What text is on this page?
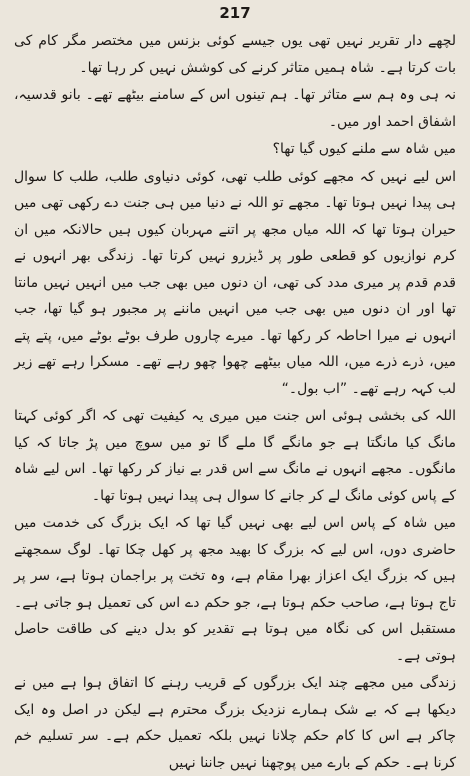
217

لچھے دار تقریر نہیں تھی یوں جیسے کوئی بزنس میں مختصر مگر کام کی بات کرتا ہے۔ شاہ ہمیں متاثر کرنے کی کوشش نہیں کر رہا تھا۔

نہ ہی وہ ہم سے متاثر تھا۔ ہم تینوں اس کے سامنے بیٹھے تھے۔ بانو قدسیہ، اشفاق احمد اور میں۔

میں شاہ سے ملنے کیوں گیا تھا؟

اس لیے نہیں کہ مجھے کوئی طلب تھی، کوئی دنیاوی طلب، طلب کا سوال ہی پیدا نہیں ہوتا تھا۔ مجھے تو اللہ نے دنیا میں ہی جنت دے رکھی تھی میں حیران ہوتا تھا کہ اللہ میاں مجھ پر اتنے مہربان کیوں ہیں حالانکہ میں ان کرم نوازیوں کو قطعی طور پر ڈیزرو نہیں کرتا تھا۔ زندگی بھر انہوں نے قدم قدم پر میری مدد کی تھی، ان دنوں میں بھی جب میں انہیں نہیں مانتا تھا اور ان دنوں میں بھی جب میں انہیں ماننے پر مجبور ہو گیا تھا، جب انہوں نے میرا احاطہ کر رکھا تھا۔ میرے چاروں طرف بوٹے بوٹے میں، پتے پتے میں، ذرے ذرے میں، اللہ میاں بیٹھے چھوا چھو رہے تھے۔ مسکرا رہے تھے زیر لب کہہ رہے تھے۔ ”اب بول۔“

اللہ کی بخشی ہوئی اس جنت میں میری یہ کیفیت تھی کہ اگر کوئی کہتا مانگ کیا مانگتا ہے جو مانگے گا ملے گا تو میں سوچ میں پڑ جاتا کہ کیا مانگوں۔ مجھے انہوں نے مانگ سے اس قدر بے نیاز کر رکھا تھا۔ اس لیے شاہ کے پاس کوئی مانگ لے کر جانے کا سوال ہی پیدا نہیں ہوتا تھا۔

میں شاہ کے پاس اس لیے بھی نہیں گیا تھا کہ ایک بزرگ کی خدمت میں حاضری دوں، اس لیے کہ بزرگ کا بھید مجھ پر کھل چکا تھا۔ لوگ سمجھتے ہیں کہ بزرگ ایک اعزاز بھرا مقام ہے، وہ تخت پر براجمان ہوتا ہے، سر پر تاج ہوتا ہے، صاحب حکم ہوتا ہے، جو حکم دے اس کی تعمیل ہو جاتی ہے۔ مستقبل اس کی نگاہ میں ہوتا ہے تقدیر کو بدل دینے کی طاقت حاصل ہوتی ہے۔

زندگی میں مجھے چند ایک بزرگوں کے قریب رہنے کا اتفاق ہوا ہے میں نے دیکھا ہے کہ بے شک ہمارے نزدیک بزرگ محترم ہے لیکن در اصل وہ ایک چاکر ہے اس کا کام حکم چلانا نہیں بلکہ تعمیل حکم ہے۔ سر تسلیم خم کرنا ہے۔ حکم کے بارے میں پوچھنا نہیں جاننا نہیں
